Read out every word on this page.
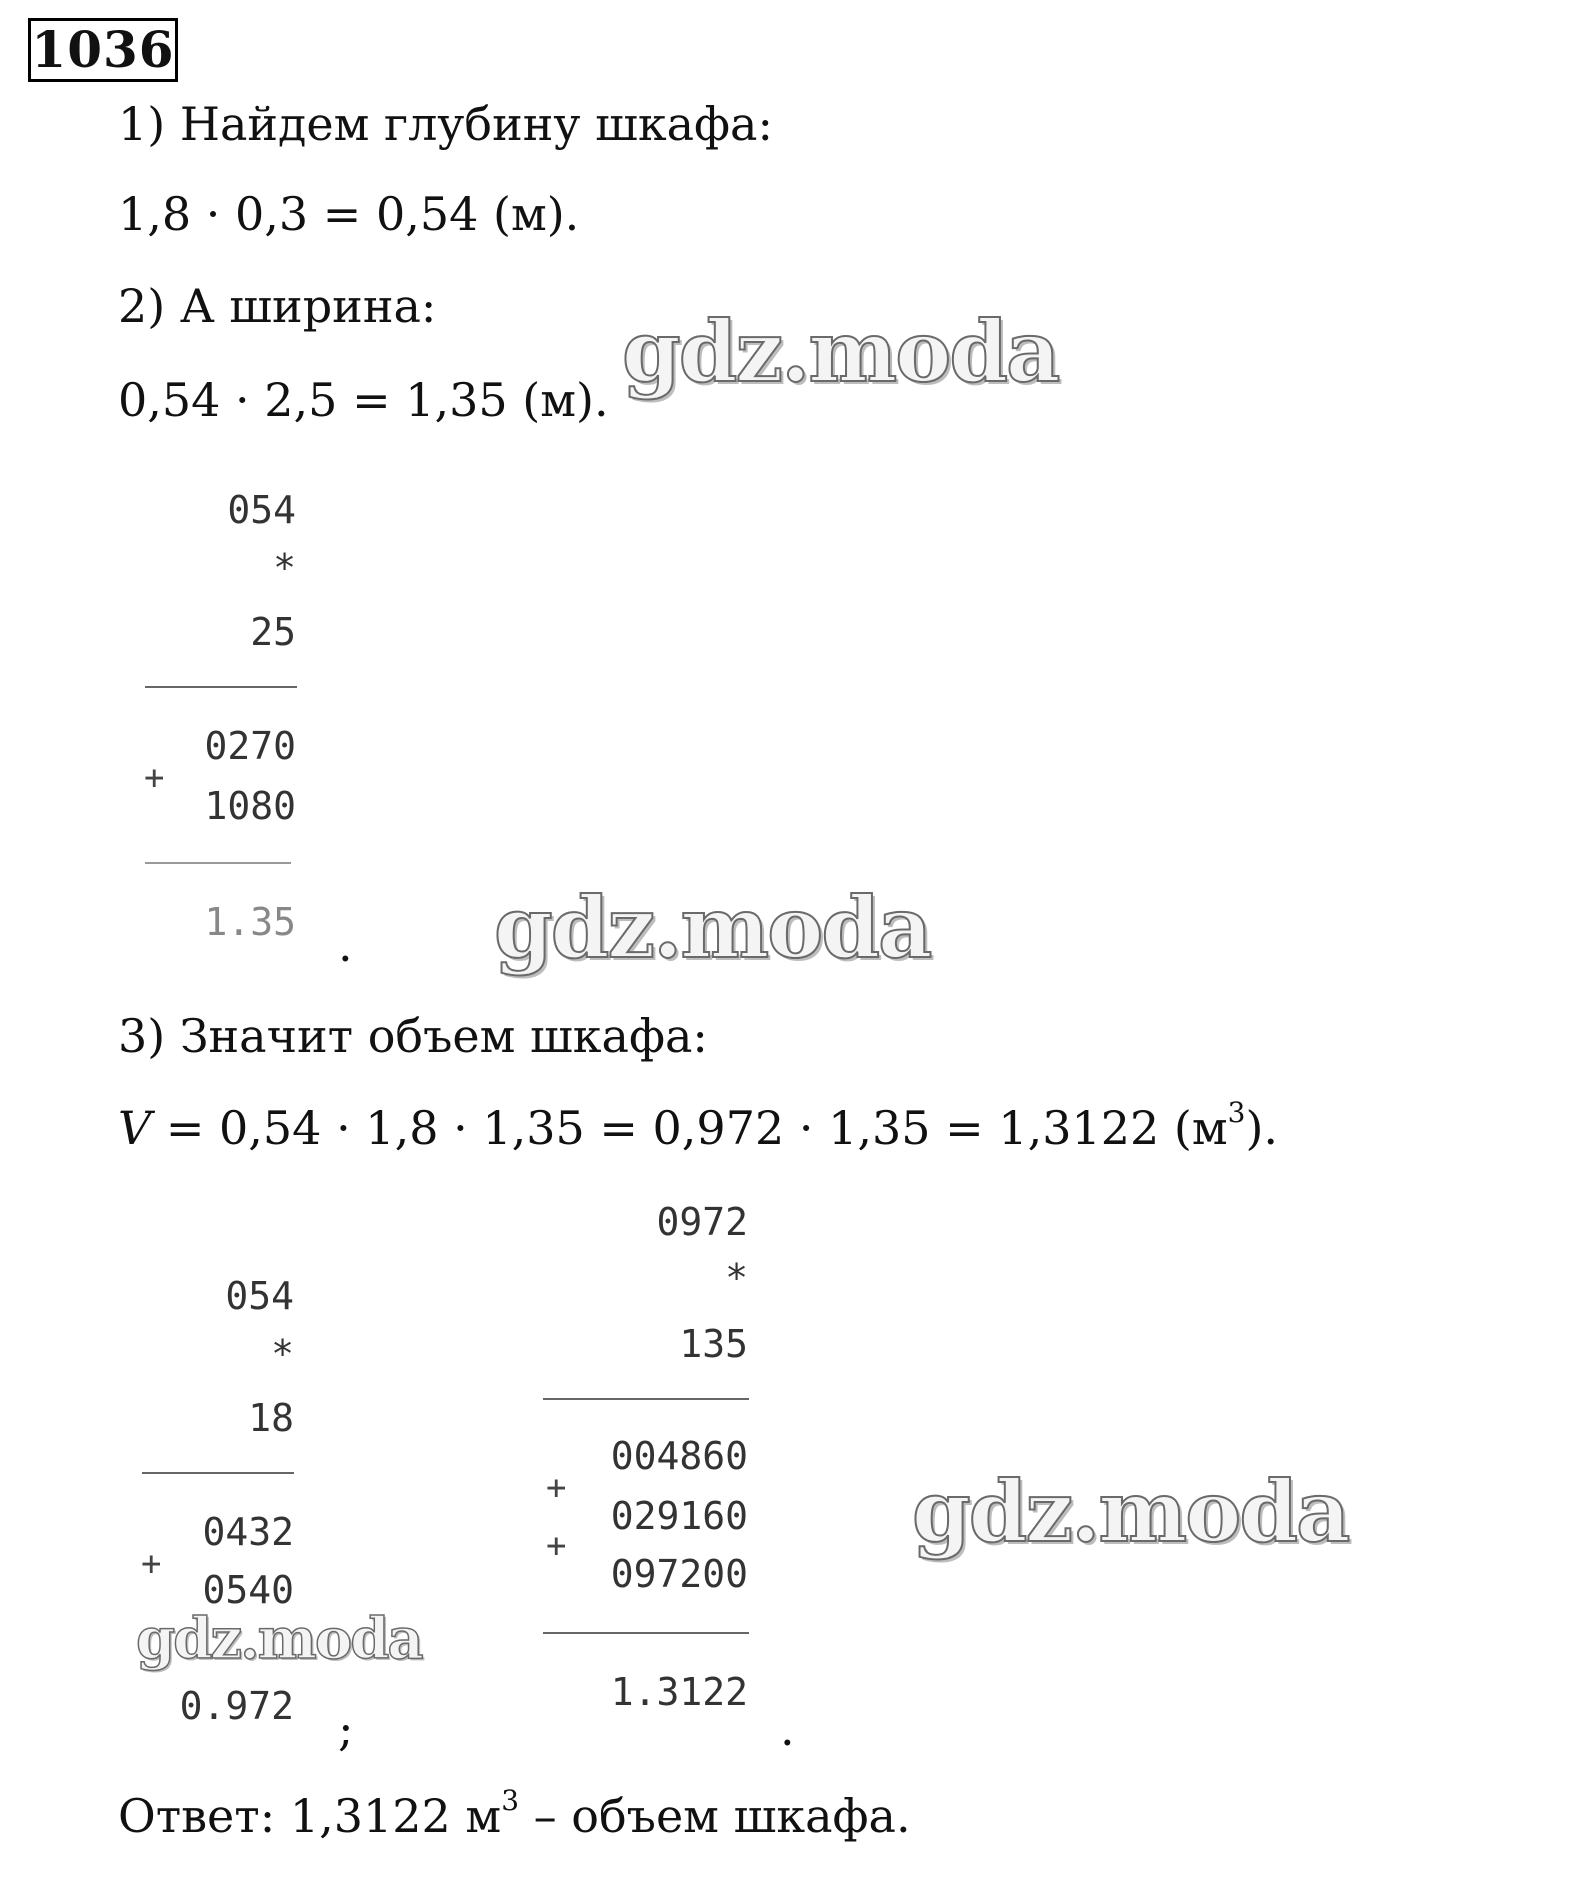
1036
1) Найдем глубину шкафа:
1,8 · 0,3 = 0,54 (м).
2) А ширина:
0,54 · 2,5 = 1,35 (м).
054
*
25
0270
+
1080
1.35 .
3) Значит объем шкафа:
V = 0,54 · 1,8 · 1,35 = 0,972 · 1,35 = 1,3122 $(м^3)$.
054
*
18
0432
+
0540
0.972 ;
0972
*
135
004860
+
029160
+
097200
1.3122
.
Ответ: 1,3122 $м^3$ – объем шкафа.
gdz.moda
gdz.moda
gdz.moda
gdz.moda
